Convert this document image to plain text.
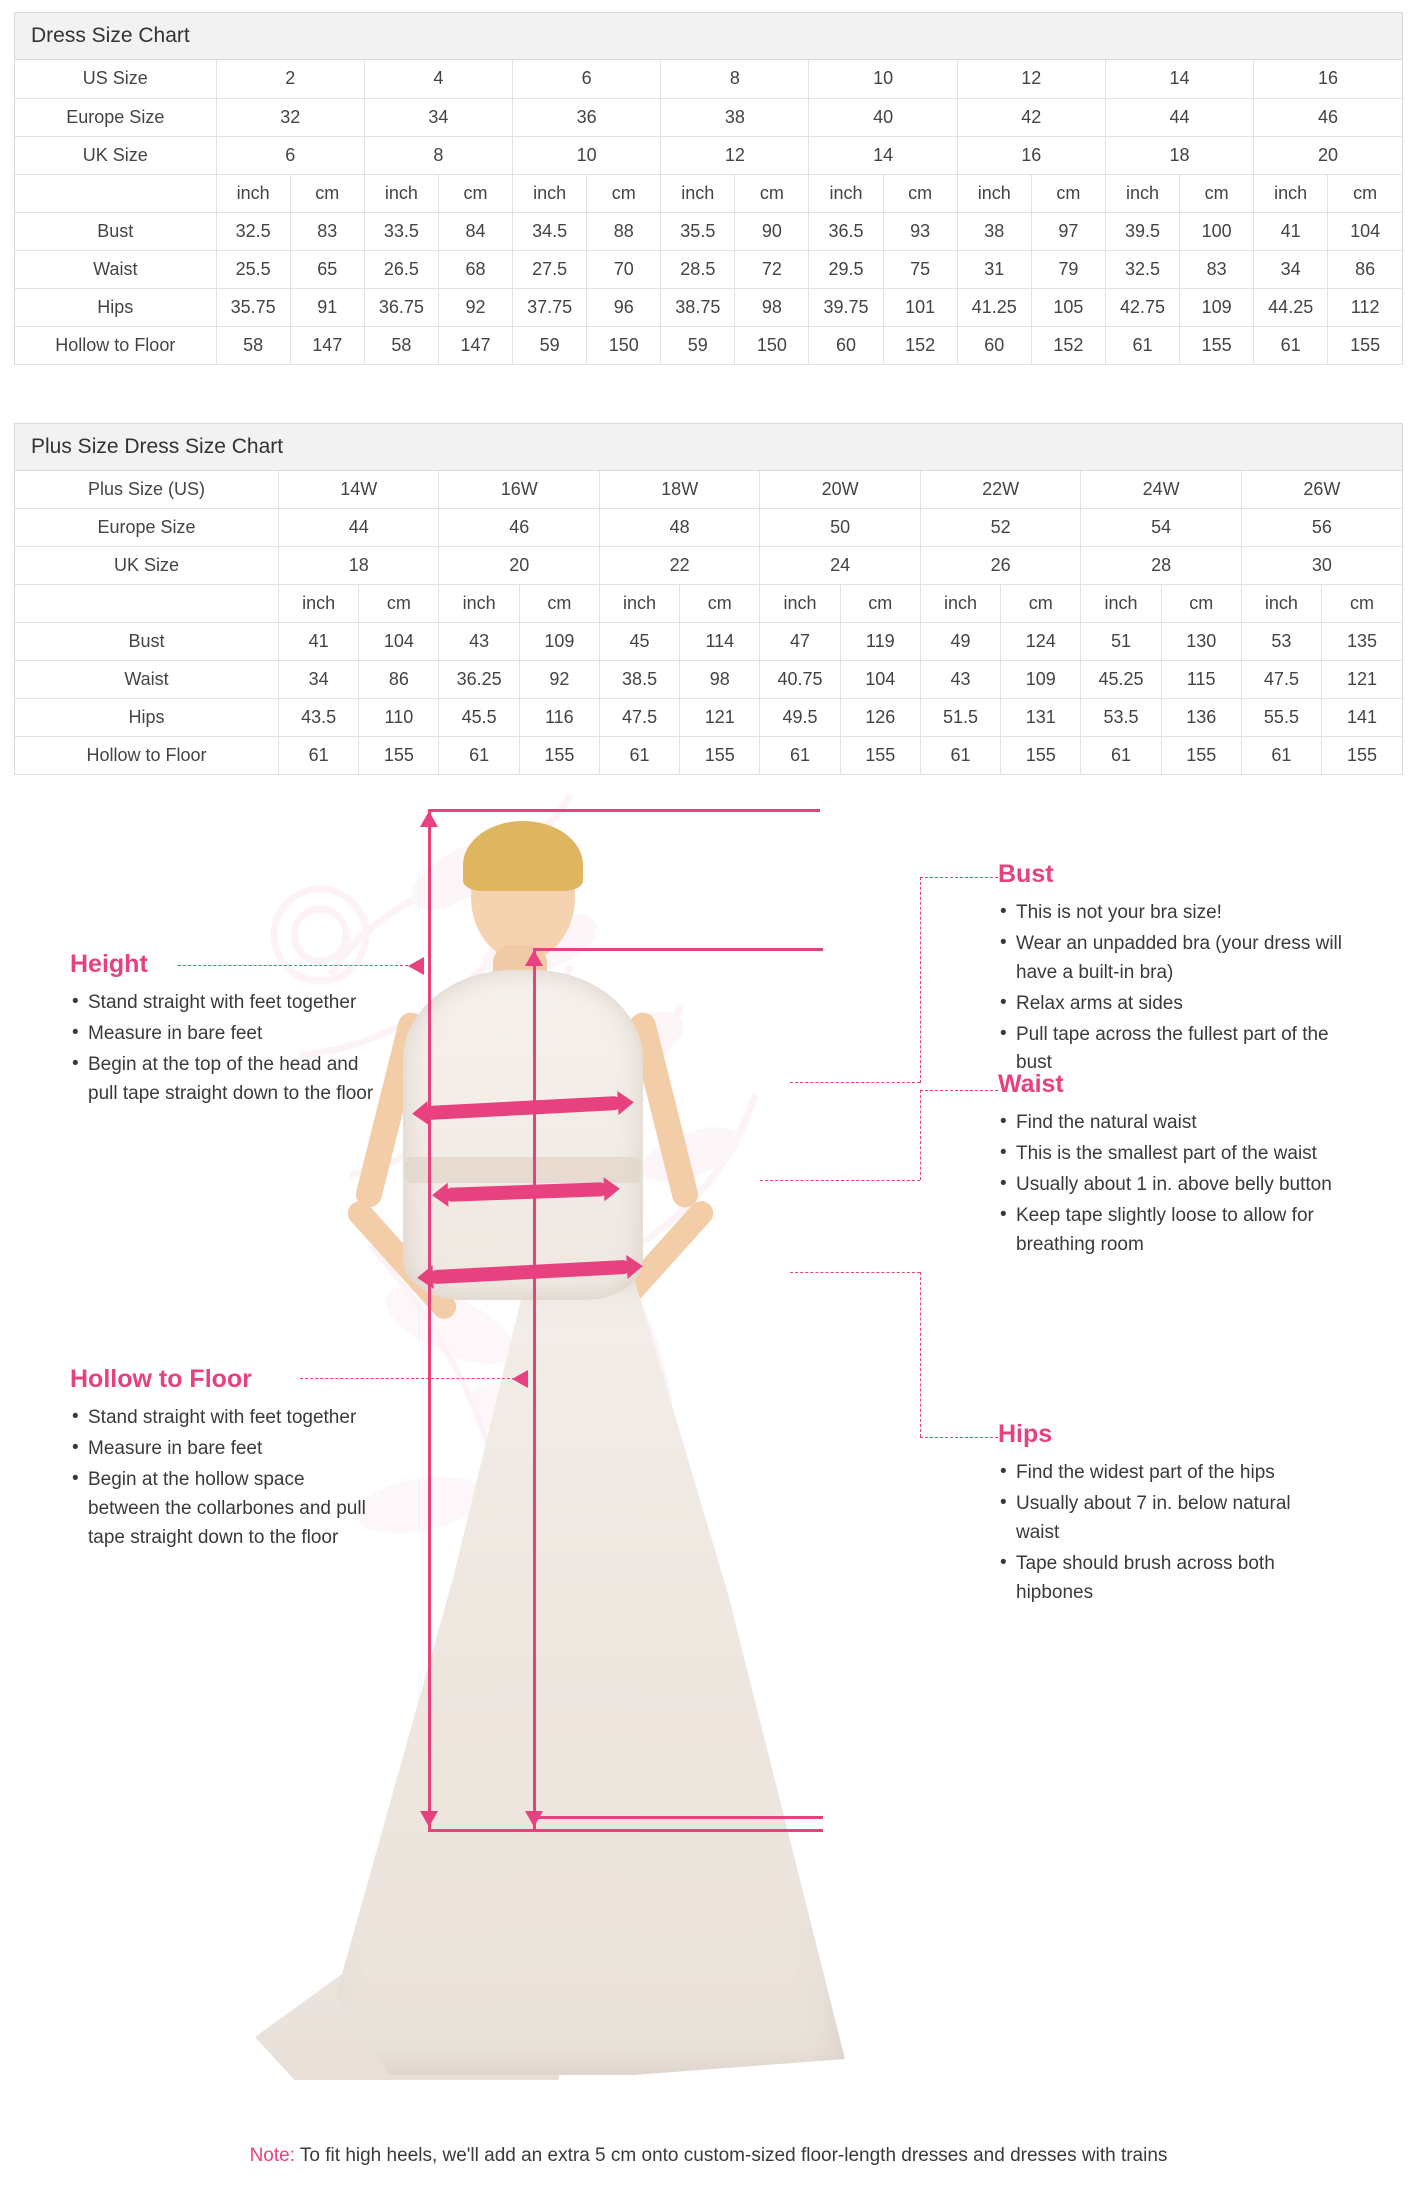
Dress Size Chart
US Size	2		4		6		8		10		12		14		16	
Europe Size	32		34		36		38		40		42		44		46	
UK Size	6		8		10		12		14		16		18		20	
	inch	cm	inch	cm	inch	cm	inch	cm	inch	cm	inch	cm	inch	cm	inch	cm
Bust	32.5	83	33.5	84	34.5	88	35.5	90	36.5	93	38	97	39.5	100	41	104
Waist	25.5	65	26.5	68	27.5	70	28.5	72	29.5	75	31	79	32.5	83	34	86
Hips	35.75	91	36.75	92	37.75	96	38.75	98	39.75	101	41.25	105	42.75	109	44.25	112
Hollow to Floor	58	147	58	147	59	150	59	150	60	152	60	152	61	155	61	155
Plus Size Dress Size Chart
Plus Size (US)	14W		16W		18W		20W		22W		24W		26W	
Europe Size	44		46		48		50		52		54		56	
UK Size	18		20		22		24		26		28		30	
	inch	cm	inch	cm	inch	cm	inch	cm	inch	cm	inch	cm	inch	cm
Bust	41	104	43	109	45	114	47	119	49	124	51	130	53	135
Waist	34	86	36.25	92	38.5	98	40.75	104	43	109	45.25	115	47.5	121
Hips	43.5	110	45.5	116	47.5	121	49.5	126	51.5	131	53.5	136	55.5	141
Hollow to Floor	61	155	61	155	61	155	61	155	61	155	61	155	61	155
Height
• Stand straight with feet together
• Measure in bare feet
• Begin at the top of the head and pull tape straight down to the floor
Hollow to Floor
• Stand straight with feet together
• Measure in bare feet
• Begin at the hollow space between the collarbones and pull tape straight down to the floor
Bust
• This is not your bra size!
• Wear an unpadded bra (your dress will have a built-in bra)
• Relax arms at sides
• Pull tape across the fullest part of the bust
Waist
• Find the natural waist
• This is the smallest part of the waist
• Usually about 1 in. above belly button
• Keep tape slightly loose to allow for breathing room
Hips
• Find the widest part of the hips
• Usually about 7 in. below natural waist
• Tape should brush across both hipbones
Note: To fit high heels, we'll add an extra 5 cm onto custom-sized floor-length dresses and dresses with trains
